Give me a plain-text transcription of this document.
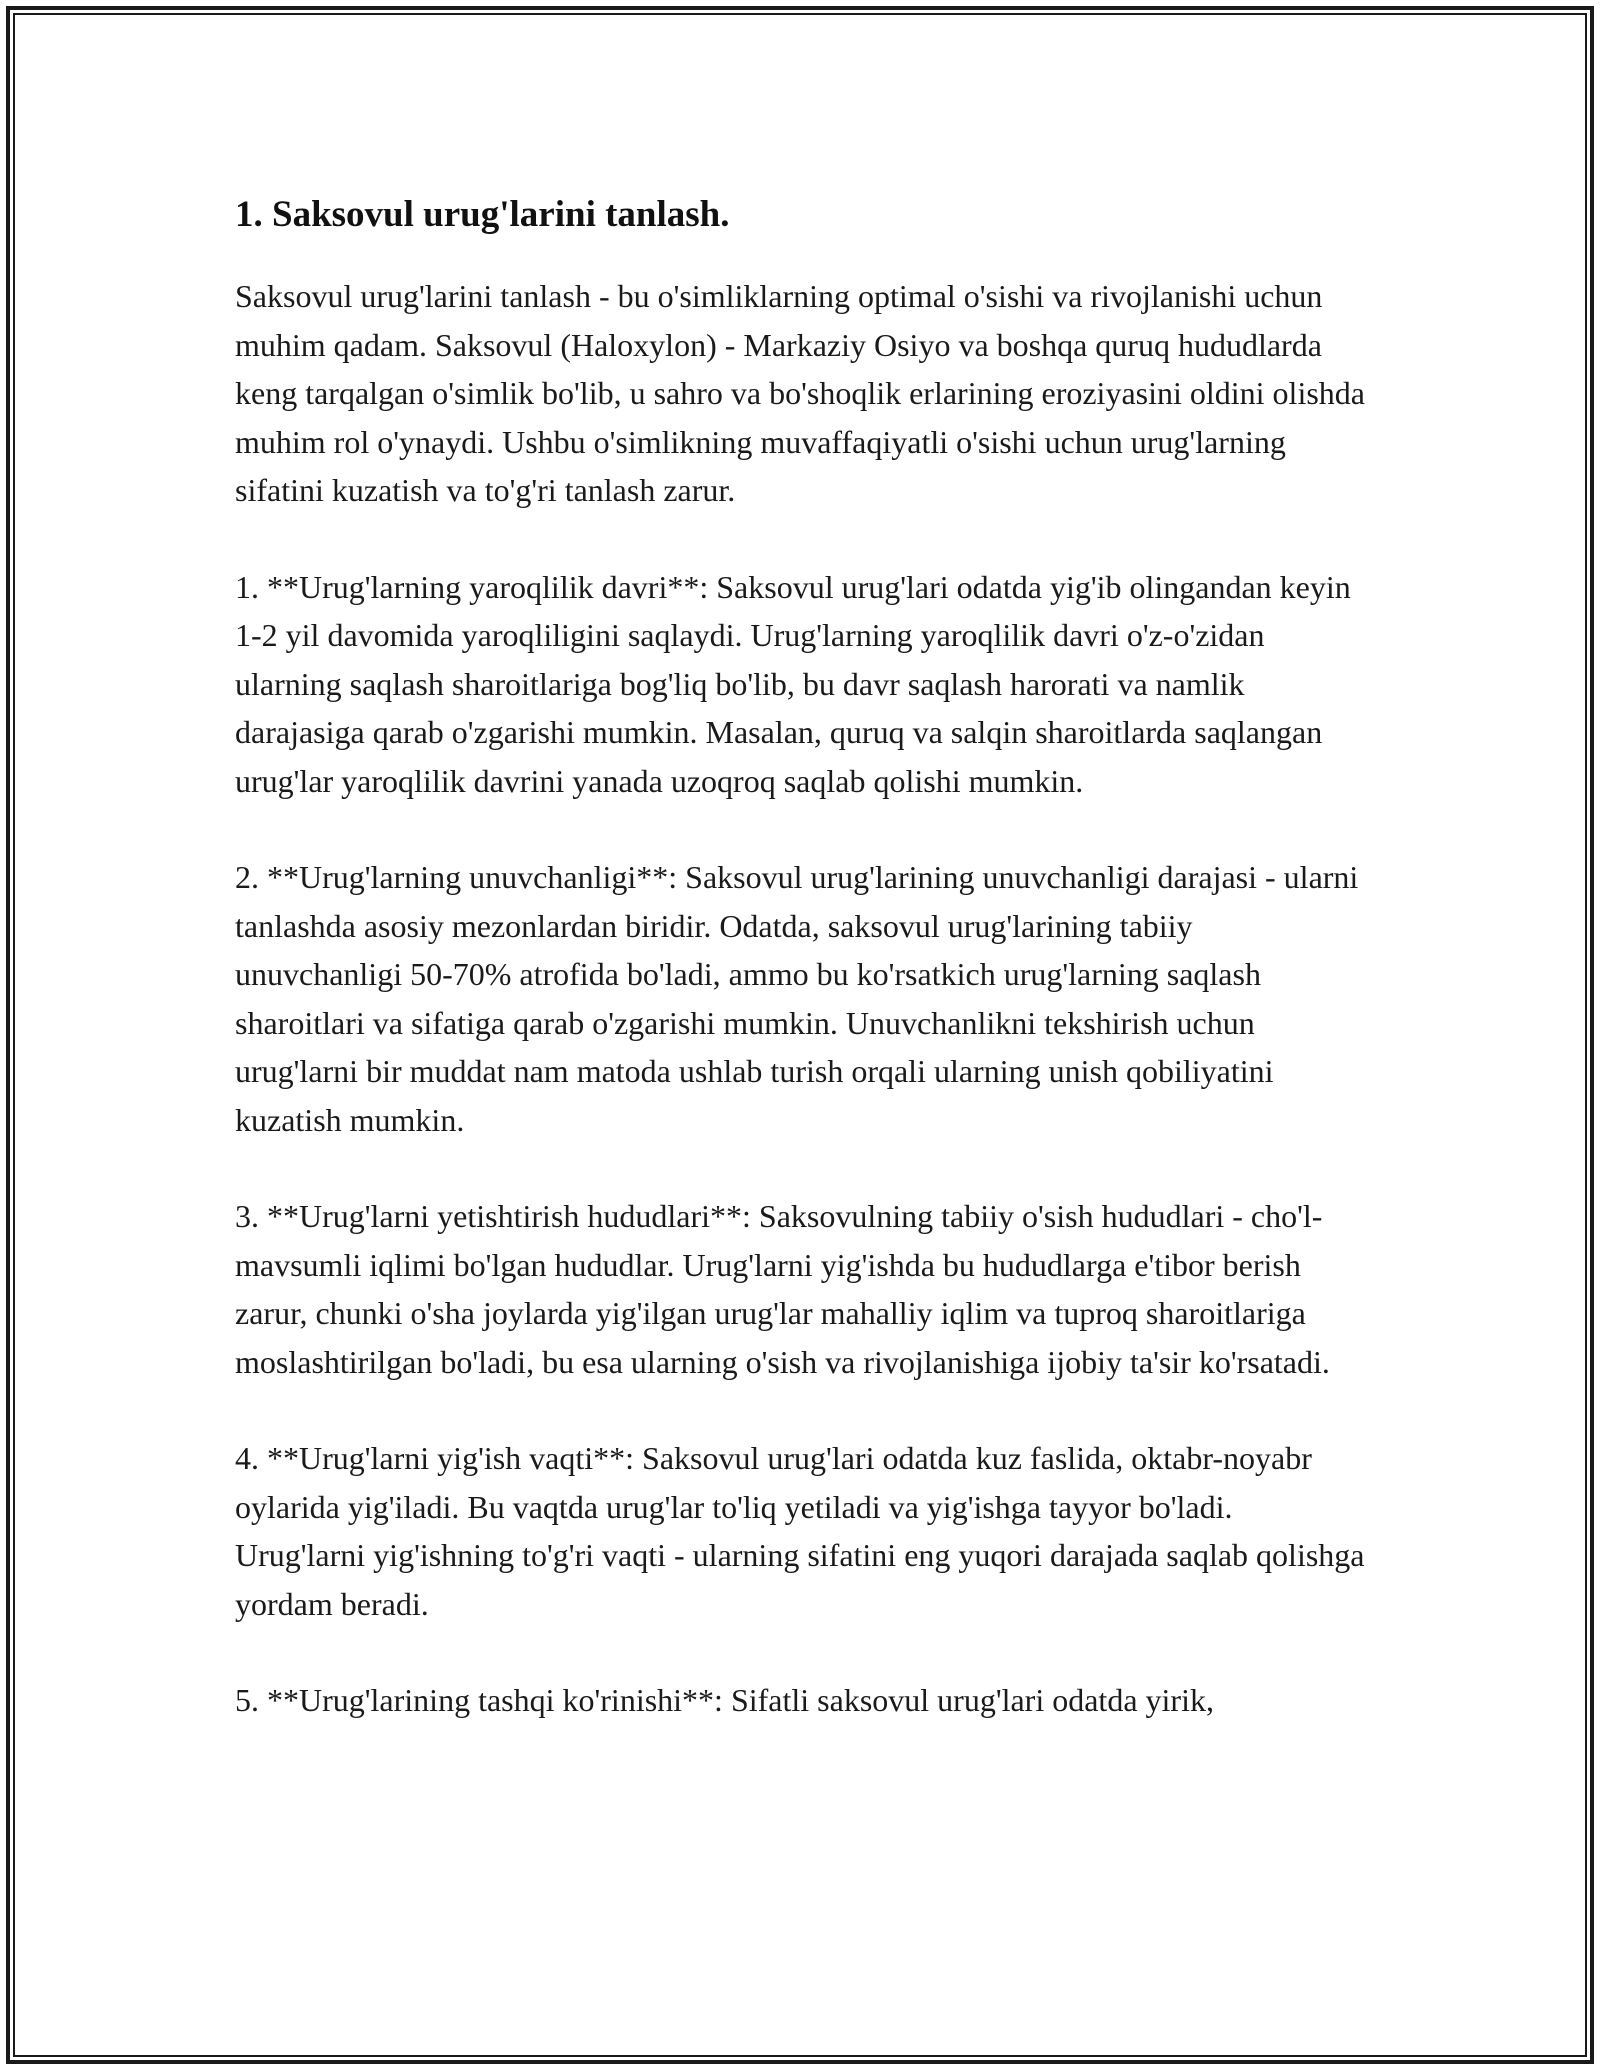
1. Saksovul urug'larini tanlash.

Saksovul urug'larini tanlash - bu o'simliklarning optimal o'sishi va rivojlanishi uchun muhim qadam. Saksovul (Haloxylon) - Markaziy Osiyo va boshqa quruq hududlarda keng tarqalgan o'simlik bo'lib, u sahro va bo'shoqlik erlarining eroziyasini oldini olishda muhim rol o'ynaydi. Ushbu o'simlikning muvaffaqiyatli o'sishi uchun urug'larning sifatini kuzatish va to'g'ri tanlash zarur.

1. **Urug'larning yaroqlilik davri**: Saksovul urug'lari odatda yig'ib olingandan keyin 1-2 yil davomida yaroqliligini saqlaydi. Urug'larning yaroqlilik davri o'z-o'zidan ularning saqlash sharoitlariga bog'liq bo'lib, bu davr saqlash harorati va namlik darajasiga qarab o'zgarishi mumkin. Masalan, quruq va salqin sharoitlarda saqlangan urug'lar yaroqlilik davrini yanada uzoqroq saqlab qolishi mumkin.

2. **Urug'larning unuvchanligi**: Saksovul urug'larining unuvchanligi darajasi - ularni tanlashda asosiy mezonlardan biridir. Odatda, saksovul urug'larining tabiiy unuvchanligi 50-70% atrofida bo'ladi, ammo bu ko'rsatkich urug'larning saqlash sharoitlari va sifatiga qarab o'zgarishi mumkin. Unuvchanlikni tekshirish uchun urug'larni bir muddat nam matoda ushlab turish orqali ularning unish qobiliyatini kuzatish mumkin.

3. **Urug'larni yetishtirish hududlari**: Saksovulning tabiiy o'sish hududlari - cho'l-mavsumli iqlimi bo'lgan hududlar. Urug'larni yig'ishda bu hududlarga e'tibor berish zarur, chunki o'sha joylarda yig'ilgan urug'lar mahalliy iqlim va tuproq sharoitlariga moslashtirilgan bo'ladi, bu esa ularning o'sish va rivojlanishiga ijobiy ta'sir ko'rsatadi.

4. **Urug'larni yig'ish vaqti**: Saksovul urug'lari odatda kuz faslida, oktabr-noyabr oylarida yig'iladi. Bu vaqtda urug'lar to'liq yetiladi va yig'ishga tayyor bo'ladi. Urug'larni yig'ishning to'g'ri vaqti - ularning sifatini eng yuqori darajada saqlab qolishga yordam beradi.

5. **Urug'larining tashqi ko'rinishi**: Sifatli saksovul urug'lari odatda yirik,
